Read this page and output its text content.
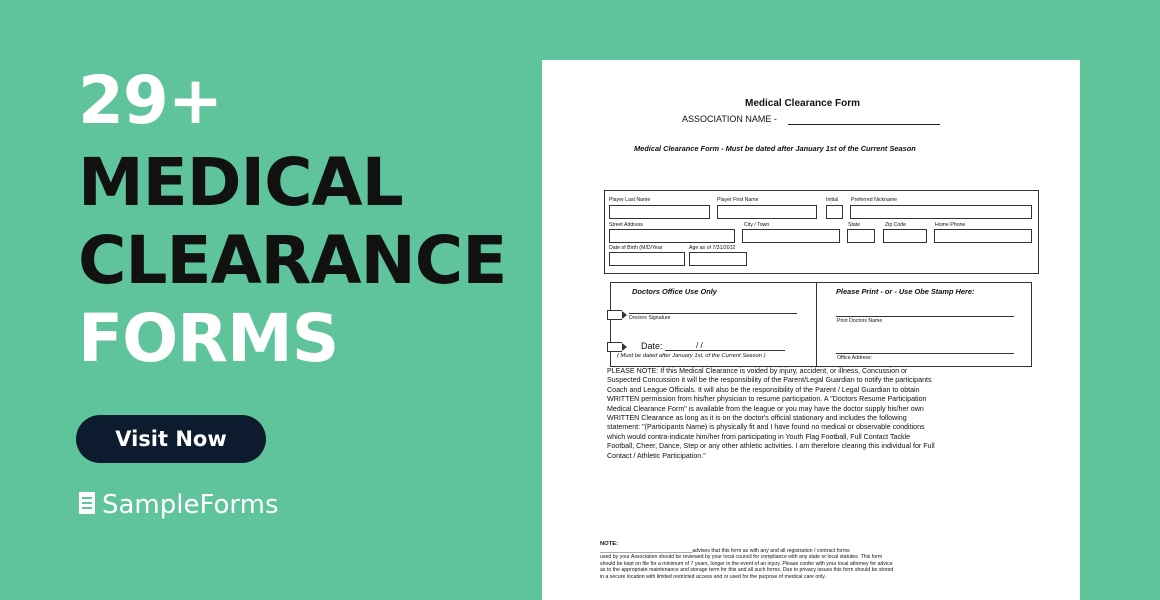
29+
MEDICAL
CLEARANCE
FORMS
Visit Now
SampleForms
Medical Clearance Form
ASSOCIATION NAME -
Medical Clearance Form - Must be dated after January 1st of the Current Season
Player Last Name	Player First Name	Initial Preferred Nickname
Street Address	City / Town	State	Zip Code	Home Phone
Date of Birth (M/D/Year	Age as of 7/31/2012
Doctors Office Use Only
Doctors Signature
Date:	/ /
( Must be dated after January 1st, of the Current Season )
Please Print - or - Use Obe Stamp Here:
Print Doctors Name
Office Address:
PLEASE NOTE: If this Medical Clearance is voided by injury, accident, or illness, Concussion or
Suspected Concussion it will be the responsibility of the Parent/Legal Guardian to notify the participants
Coach and League Officials. It will also be the responsibility of the Parent / Legal Guardian to obtain
WRITTEN permission from his/her physician to resume participation. A "Doctors Resume Participation
Medical Clearance Form" is available from the league or you may have the doctor supply his/her own
WRITTEN Clearance as long as it is on the doctor's official stationary and includes the following
statement: "(Participants Name) is physically fit and I have found no medical or observable conditions
which would contra-indicate him/her from participating in Youth Flag Football, Full Contact Tackle
Football, Cheer, Dance, Step or any other athletic activities. I am therefore clearing this individual for Full
Contact / Athletic Participation."
NOTE:
________________________________advises that this form as with any and all registration / contract forms
used by your Association should be reviewed by your local council for compliance with any state or local statutes. This form
should be kept on file for a minimum of 7 years, longer in the event of an injury. Please confer with your local attorney for advice
as to the appropriate maintenance and storage term for this and all such forms. Due to privacy issues this form should be stored
in a secure location with limited restricted access and or used for the purpose of medical care only.
